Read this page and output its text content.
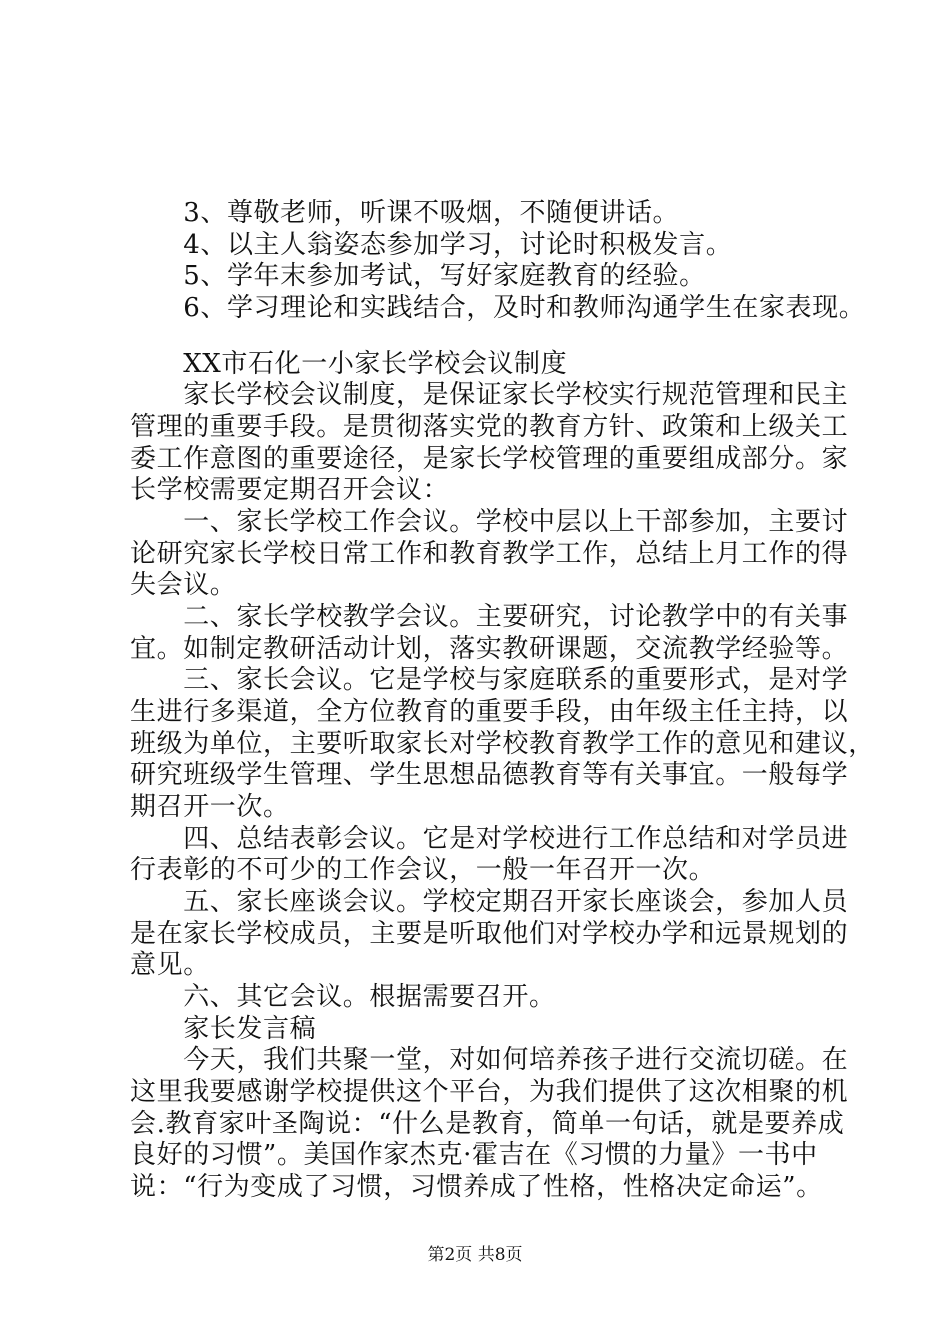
　　3、尊敬老师，听课不吸烟，不随便讲话。
　　4、以主人翁姿态参加学习，讨论时积极发言。
　　5、学年末参加考试，写好家庭教育的经验。
　　6、学习理论和实践结合，及时和教师沟通学生在家表现。
　　XX市石化一小家长学校会议制度
　　家长学校会议制度，是保证家长学校实行规范管理和民主
管理的重要手段。是贯彻落实党的教育方针、政策和上级关工
委工作意图的重要途径，是家长学校管理的重要组成部分。家
长学校需要定期召开会议：
　　一、家长学校工作会议。学校中层以上干部参加，主要讨
论研究家长学校日常工作和教育教学工作，总结上月工作的得
失会议。
　　二、家长学校教学会议。主要研究，讨论教学中的有关事
宜。如制定教研活动计划，落实教研课题，交流教学经验等。
　　三、家长会议。它是学校与家庭联系的重要形式，是对学
生进行多渠道，全方位教育的重要手段，由年级主任主持，以
班级为单位，主要听取家长对学校教育教学工作的意见和建议，
研究班级学生管理、学生思想品德教育等有关事宜。一般每学
期召开一次。
　　四、总结表彰会议。它是对学校进行工作总结和对学员进
行表彰的不可少的工作会议，一般一年召开一次。
　　五、家长座谈会议。学校定期召开家长座谈会，参加人员
是在家长学校成员，主要是听取他们对学校办学和远景规划的
意见。
　　六、其它会议。根据需要召开。
　　家长发言稿
　　今天，我们共聚一堂，对如何培养孩子进行交流切磋。在
这里我要感谢学校提供这个平台，为我们提供了这次相聚的机
会.教育家叶圣陶说：“什么是教育，简单一句话，就是要养成
良好的习惯”。美国作家杰克·霍吉在《习惯的力量》一书中
说：“行为变成了习惯，习惯养成了性格，性格决定命运”。
第2页 共8页
